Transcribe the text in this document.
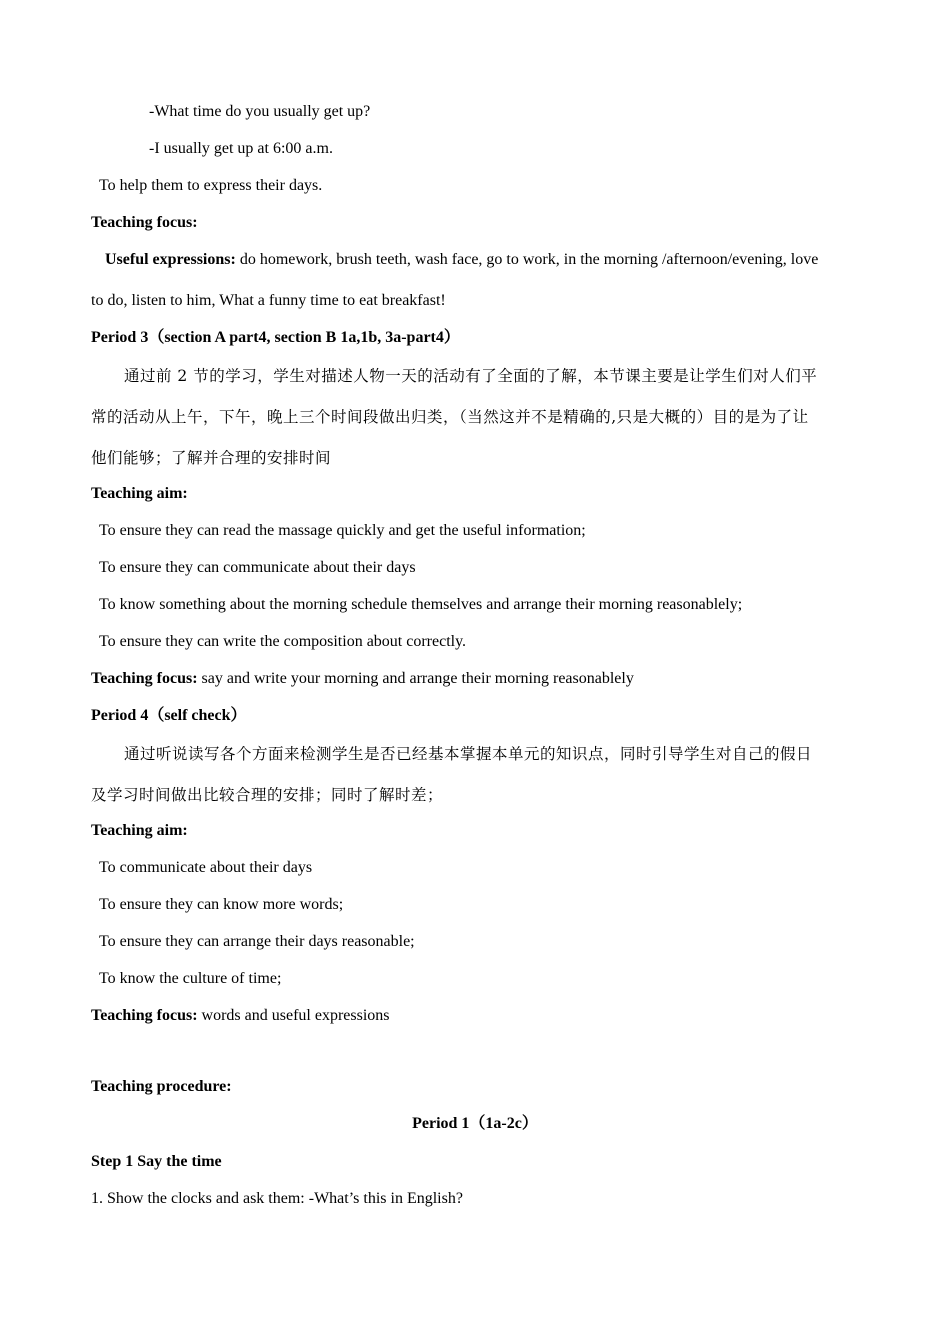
-What time do you usually get up?
-I usually get up at 6:00 a.m.
To help them to express their days.
Teaching focus:
Useful expressions: do homework, brush teeth, wash face, go to work, in the morning /afternoon/evening, love
to do, listen to him, What a funny time to eat breakfast!
Period 3（section A part4, section B 1a,1b, 3a-part4）
通过前 2 节的学习，学生对描述人物一天的活动有了全面的了解，本节课主要是让学生们对人们平
常的活动从上午，下午，晚上三个时间段做出归类，（当然这并不是精确的,只是大概的）目的是为了让
他们能够；了解并合理的安排时间
Teaching aim:
To ensure they can read the massage quickly and get the useful information;
To ensure they can communicate about their days
To know something about the morning schedule themselves and arrange their morning reasonablely;
To ensure they can write the composition about correctly.
Teaching focus: say and write your morning and arrange their morning reasonablely
Period 4（self check）
通过听说读写各个方面来检测学生是否已经基本掌握本单元的知识点，同时引导学生对自己的假日
及学习时间做出比较合理的安排；同时了解时差；
Teaching aim:
To communicate about their days
To ensure they can know more words;
To ensure they can arrange their days reasonable;
To know the culture of time;
Teaching focus: words and useful expressions
Teaching procedure:
Period 1（1a-2c）
Step 1 Say the time
1. Show the clocks and ask them: -What’s this in English?
